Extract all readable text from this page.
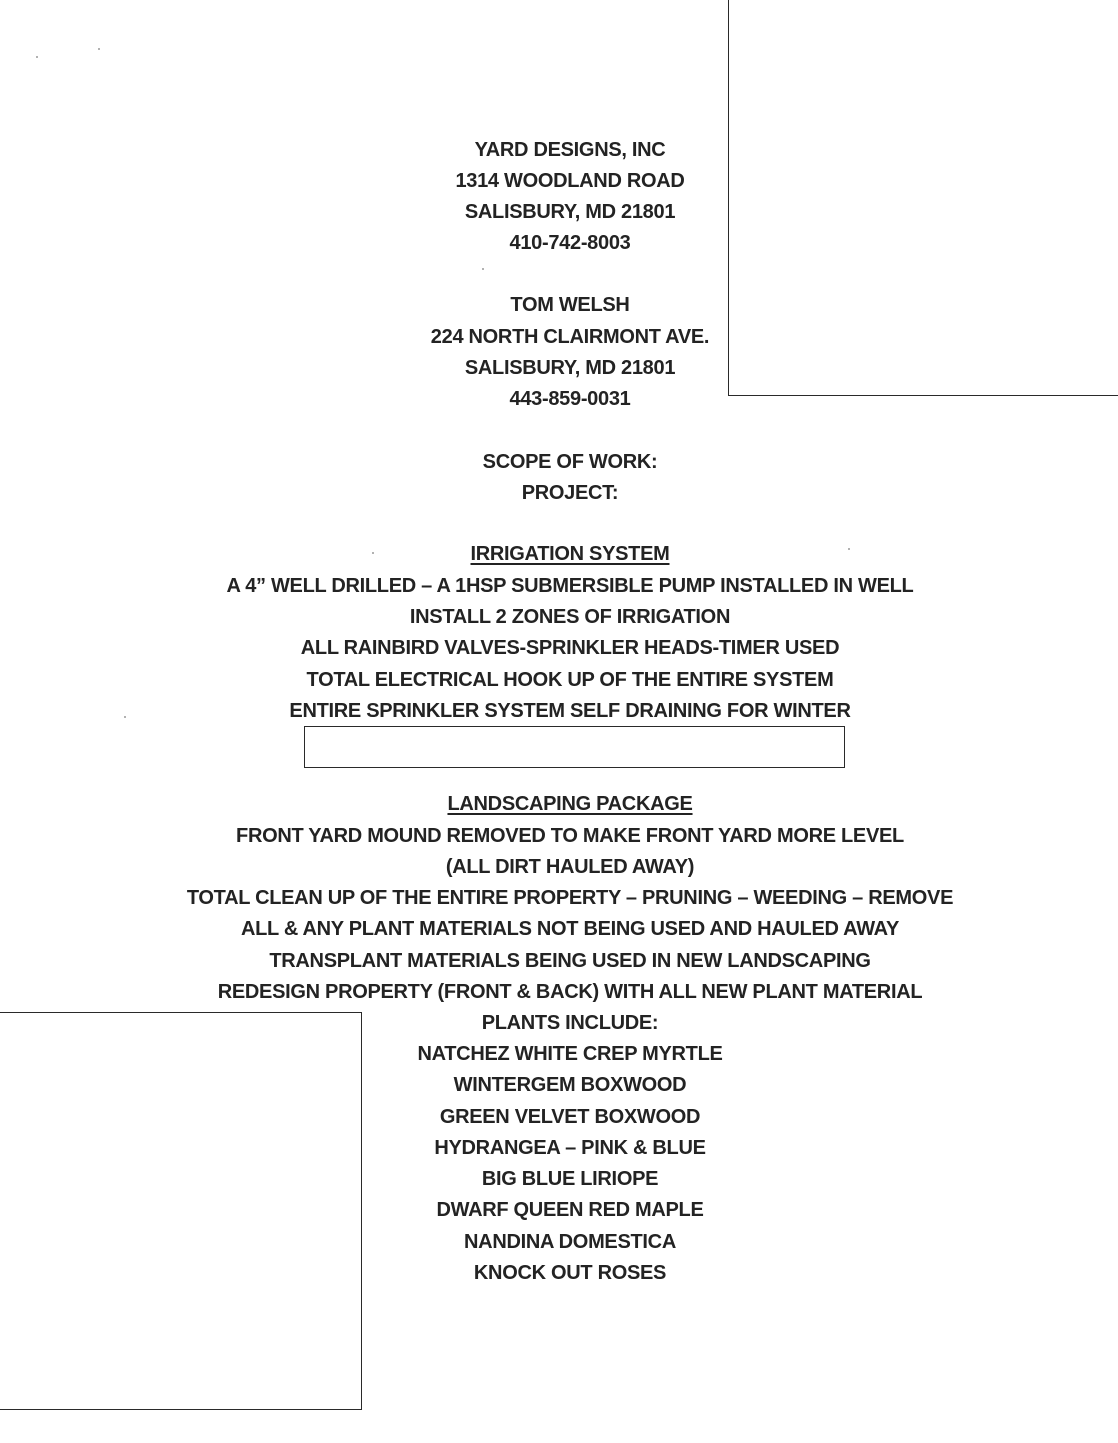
YARD DESIGNS, INC
1314 WOODLAND ROAD
SALISBURY, MD 21801
410-742-8003
TOM WELSH
224 NORTH CLAIRMONT AVE.
SALISBURY, MD 21801
443-859-0031
SCOPE OF WORK:
PROJECT:
IRRIGATION SYSTEM
A 4” WELL DRILLED – A 1HSP SUBMERSIBLE PUMP INSTALLED IN WELL
INSTALL 2 ZONES OF IRRIGATION
ALL RAINBIRD VALVES-SPRINKLER HEADS-TIMER USED
TOTAL ELECTRICAL HOOK UP OF THE ENTIRE SYSTEM
ENTIRE SPRINKLER SYSTEM SELF DRAINING FOR WINTER
LANDSCAPING PACKAGE
FRONT YARD MOUND REMOVED TO MAKE FRONT YARD MORE LEVEL
(ALL DIRT HAULED AWAY)
TOTAL CLEAN UP OF THE ENTIRE PROPERTY – PRUNING – WEEDING – REMOVE
ALL & ANY PLANT MATERIALS NOT BEING USED AND HAULED AWAY
TRANSPLANT MATERIALS BEING USED IN NEW LANDSCAPING
REDESIGN PROPERTY (FRONT & BACK) WITH ALL NEW PLANT MATERIAL
PLANTS INCLUDE:
NATCHEZ WHITE CREP MYRTLE
WINTERGEM BOXWOOD
GREEN VELVET BOXWOOD
HYDRANGEA – PINK & BLUE
BIG BLUE LIRIOPE
DWARF QUEEN RED MAPLE
NANDINA DOMESTICA
KNOCK OUT ROSES
